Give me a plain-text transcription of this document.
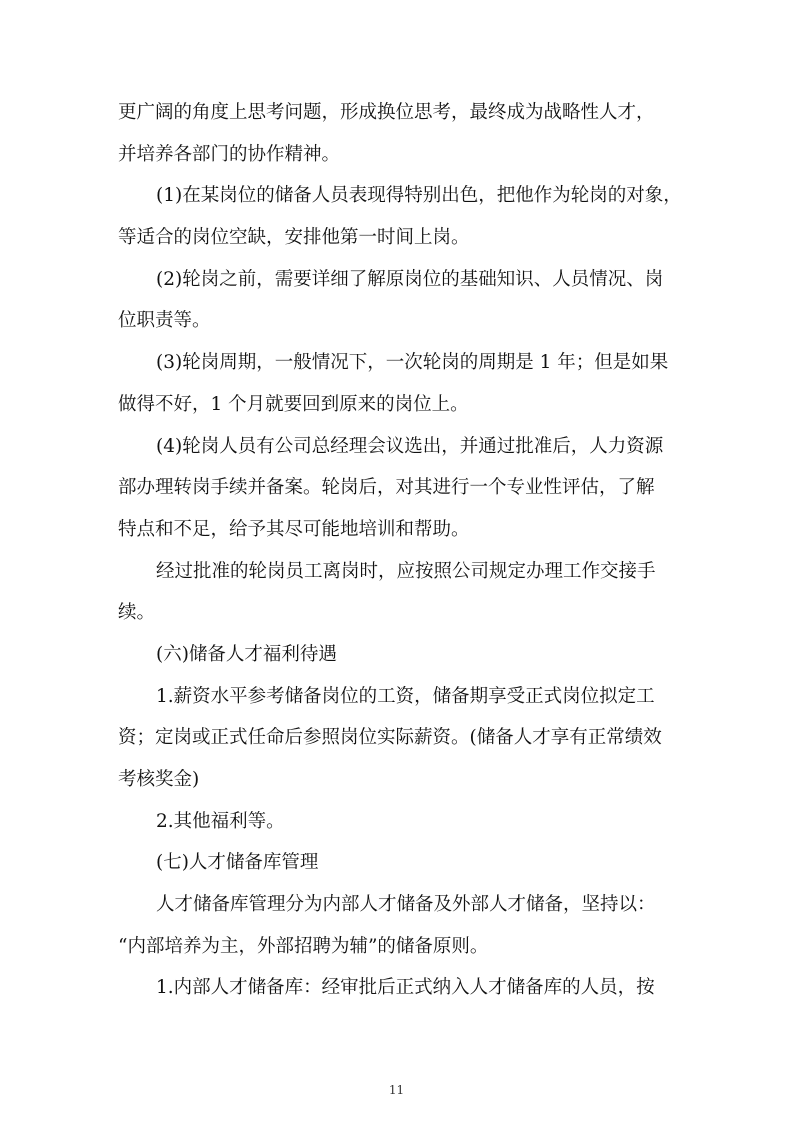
更广阔的角度上思考问题，形成换位思考，最终成为战略性人才，
并培养各部门的协作精神。
(1)在某岗位的储备人员表现得特别出色，把他作为轮岗的对象，
等适合的岗位空缺，安排他第一时间上岗。
(2)轮岗之前，需要详细了解原岗位的基础知识、人员情况、岗
位职责等。
(3)轮岗周期，一般情况下，一次轮岗的周期是 1 年；但是如果
做得不好，1 个月就要回到原来的岗位上。
(4)轮岗人员有公司总经理会议选出，并通过批准后，人力资源
部办理转岗手续并备案。轮岗后，对其进行一个专业性评估，了解
特点和不足，给予其尽可能地培训和帮助。
经过批准的轮岗员工离岗时，应按照公司规定办理工作交接手
续。
(六)储备人才福利待遇
1.薪资水平参考储备岗位的工资，储备期享受正式岗位拟定工
资；定岗或正式任命后参照岗位实际薪资。(储备人才享有正常绩效
考核奖金)
2.其他福利等。
(七)人才储备库管理
人才储备库管理分为内部人才储备及外部人才储备，坚持以：
“内部培养为主，外部招聘为辅”的储备原则。
1.内部人才储备库：经审批后正式纳入人才储备库的人员，按
11
